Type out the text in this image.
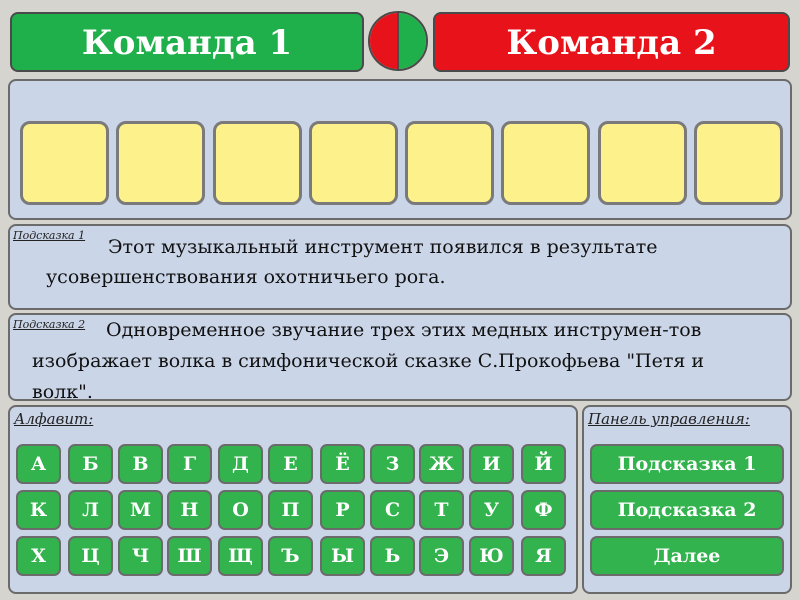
Команда 1	Команда 2
Подсказка 1
Этот музыкальный инструмент появился в результате усовершенствования охотничьего рога.
Подсказка 2	Одновременное звучание трех этих медных инструмен-тов изображает волка в симфонической сказке С.Прокофьева "Петя и волк".
Алфавит:
А	Б	В	Г	Д	Е	Ё	З	Ж	И	Й
К	Л	М	Н	О	П	Р	С	Т	У	Ф
Х	Ц	Ч	Ш	Щ	Ъ	Ы	Ь	Э	Ю	Я
Панель управления:
Подсказка 1
Подсказка 2
Далее
